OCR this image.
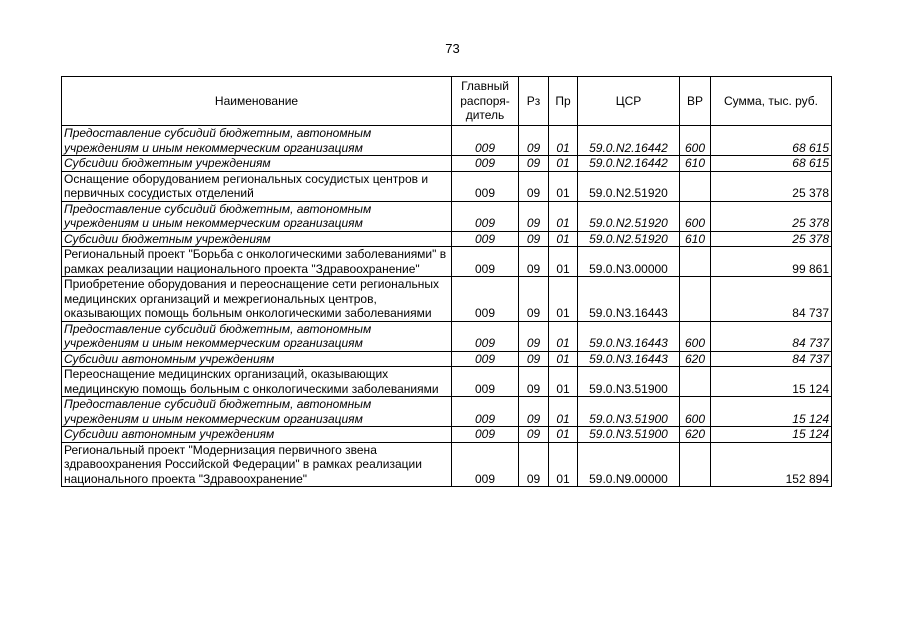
73
Наименование	Главный распоря-дитель	Рз	Пр	ЦСР	ВР	Сумма, тыс. руб.
Предоставление субсидий бюджетным, автономным учреждениям и иным некоммерческим организациям	009	09	01	59.0.N2.16442	600	68 615
Субсидии бюджетным учреждениям	009	09	01	59.0.N2.16442	610	68 615
Оснащение оборудованием региональных сосудистых центров и первичных сосудистых отделений	009	09	01	59.0.N2.51920		25 378
Предоставление субсидий бюджетным, автономным учреждениям и иным некоммерческим организациям	009	09	01	59.0.N2.51920	600	25 378
Субсидии бюджетным учреждениям	009	09	01	59.0.N2.51920	610	25 378
Региональный проект "Борьба с онкологическими заболеваниями" в рамках реализации национального проекта "Здравоохранение"	009	09	01	59.0.N3.00000		99 861
Приобретение оборудования и переоснащение сети региональных медицинских организаций и межрегиональных центров, оказывающих помощь больным онкологическими заболеваниями	009	09	01	59.0.N3.16443		84 737
Предоставление субсидий бюджетным, автономным учреждениям и иным некоммерческим организациям	009	09	01	59.0.N3.16443	600	84 737
Субсидии автономным учреждениям	009	09	01	59.0.N3.16443	620	84 737
Переоснащение медицинских организаций, оказывающих медицинскую помощь больным с онкологическими заболеваниями	009	09	01	59.0.N3.51900		15 124
Предоставление субсидий бюджетным, автономным учреждениям и иным некоммерческим организациям	009	09	01	59.0.N3.51900	600	15 124
Субсидии автономным учреждениям	009	09	01	59.0.N3.51900	620	15 124
Региональный проект "Модернизация первичного звена здравоохранения Российской Федерации" в рамках реализации национального проекта "Здравоохранение"	009	09	01	59.0.N9.00000		152 894
